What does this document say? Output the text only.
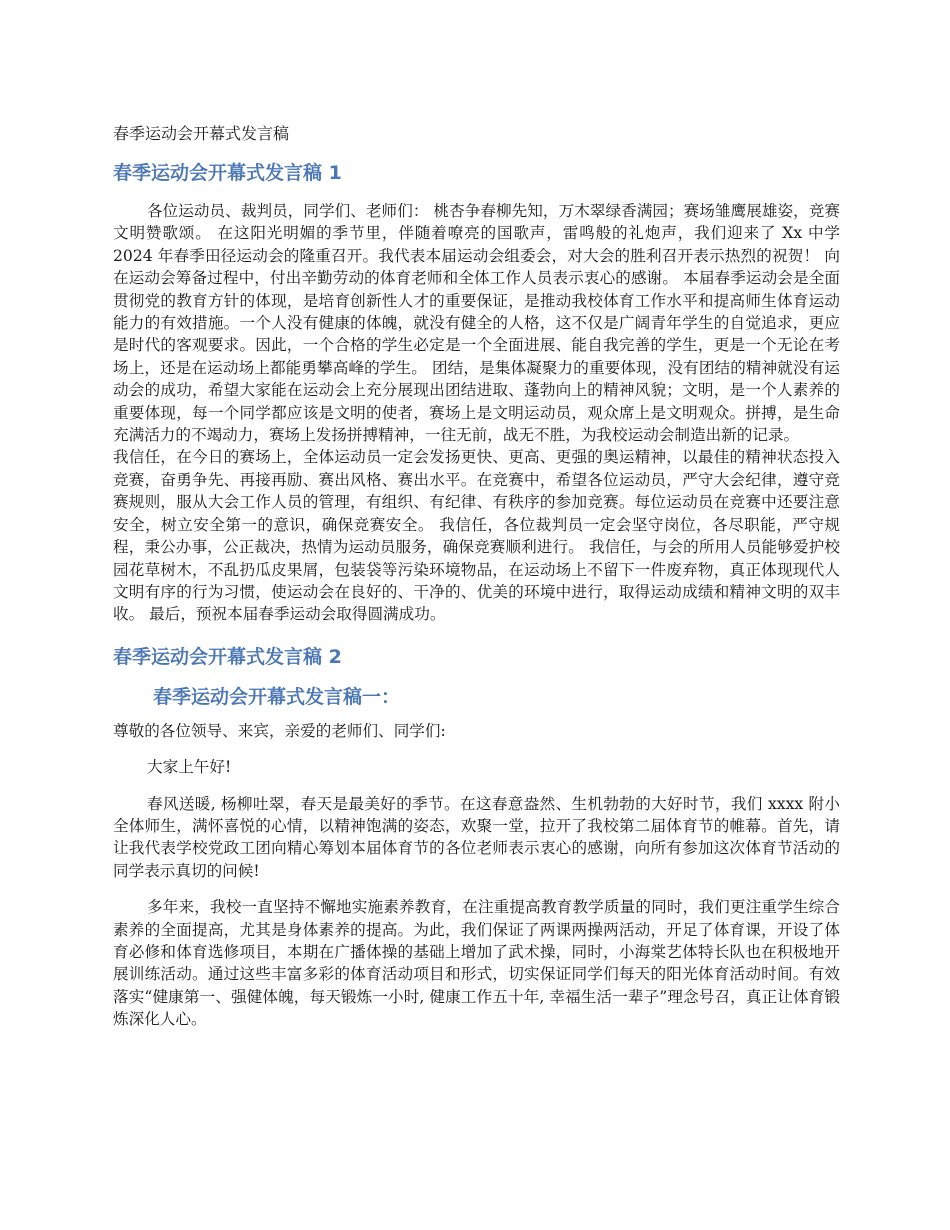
春季运动会开幕式发言稿
春季运动会开幕式发言稿 1

各位运动员、裁判员，同学们、老师们： 桃杏争春柳先知，万木翠绿香满园；赛场雏鹰展雄姿，竞赛文明赞歌颂。 在这阳光明媚的季节里，伴随着嘹亮的国歌声，雷鸣般的礼炮声，我们迎来了 Xx 中学 2024 年春季田径运动会的隆重召开。我代表本届运动会组委会，对大会的胜利召开表示热烈的祝贺！ 向在运动会筹备过程中，付出辛勤劳动的体育老师和全体工作人员表示衷心的感谢。 本届春季运动会是全面贯彻党的教育方针的体现，是培育创新性人才的重要保证，是推动我校体育工作水平和提高师生体育运动能力的有效措施。一个人没有健康的体魄，就没有健全的人格，这不仅是广阔青年学生的自觉追求，更应是时代的客观要求。因此，一个合格的学生必定是一个全面进展、能自我完善的学生，更是一个无论在考场上，还是在运动场上都能勇攀高峰的学生。 团结，是集体凝聚力的重要体现，没有团结的精神就没有运动会的成功，希望大家能在运动会上充分展现出团结进取、蓬勃向上的精神风貌；文明，是一个人素养的重要体现，每一个同学都应该是文明的使者，赛场上是文明运动员，观众席上是文明观众。拼搏，是生命充满活力的不竭动力，赛场上发扬拼搏精神，一往无前，战无不胜，为我校运动会制造出新的记录。

我信任，在今日的赛场上，全体运动员一定会发扬更快、更高、更强的奥运精神，以最佳的精神状态投入竞赛，奋勇争先、再接再励、赛出风格、赛出水平。在竞赛中，希望各位运动员，严守大会纪律，遵守竞赛规则，服从大会工作人员的管理，有组织、有纪律、有秩序的参加竞赛。每位运动员在竞赛中还要注意安全，树立安全第一的意识，确保竞赛安全。 我信任，各位裁判员一定会坚守岗位，各尽职能，严守规程，秉公办事，公正裁决，热情为运动员服务，确保竞赛顺利进行。 我信任，与会的所用人员能够爱护校园花草树木，不乱扔瓜皮果屑，包装袋等污染环境物品，在运动场上不留下一件废弃物，真正体现现代人文明有序的行为习惯，使运动会在良好的、干净的、优美的环境中进行，取得运动成绩和精神文明的双丰收。 最后，预祝本届春季运动会取得圆满成功。

春季运动会开幕式发言稿 2
春季运动会开幕式发言稿一：

尊敬的各位领导、来宾，亲爱的老师们、同学们:

大家上午好!

春风送暖, 杨柳吐翠，春天是最美好的季节。在这春意盎然、生机勃勃的大好时节，我们 xxxx 附小全体师生，满怀喜悦的心情，以精神饱满的姿态，欢聚一堂，拉开了我校第二届体育节的帷幕。首先，请让我代表学校党政工团向精心筹划本届体育节的各位老师表示衷心的感谢，向所有参加这次体育节活动的同学表示真切的问候!

多年来，我校一直坚持不懈地实施素养教育，在注重提高教育教学质量的同时，我们更注重学生综合素养的全面提高，尤其是身体素养的提高。为此，我们保证了两课两操两活动，开足了体育课，开设了体育必修和体育选修项目，本期在广播体操的基础上增加了武术操，同时，小海棠艺体特长队也在积极地开展训练活动。通过这些丰富多彩的体育活动项目和形式，切实保证同学们每天的阳光体育活动时间。有效落实“健康第一、强健体魄，每天锻炼一小时, 健康工作五十年, 幸福生活一辈子”理念号召，真正让体育锻炼深化人心。
